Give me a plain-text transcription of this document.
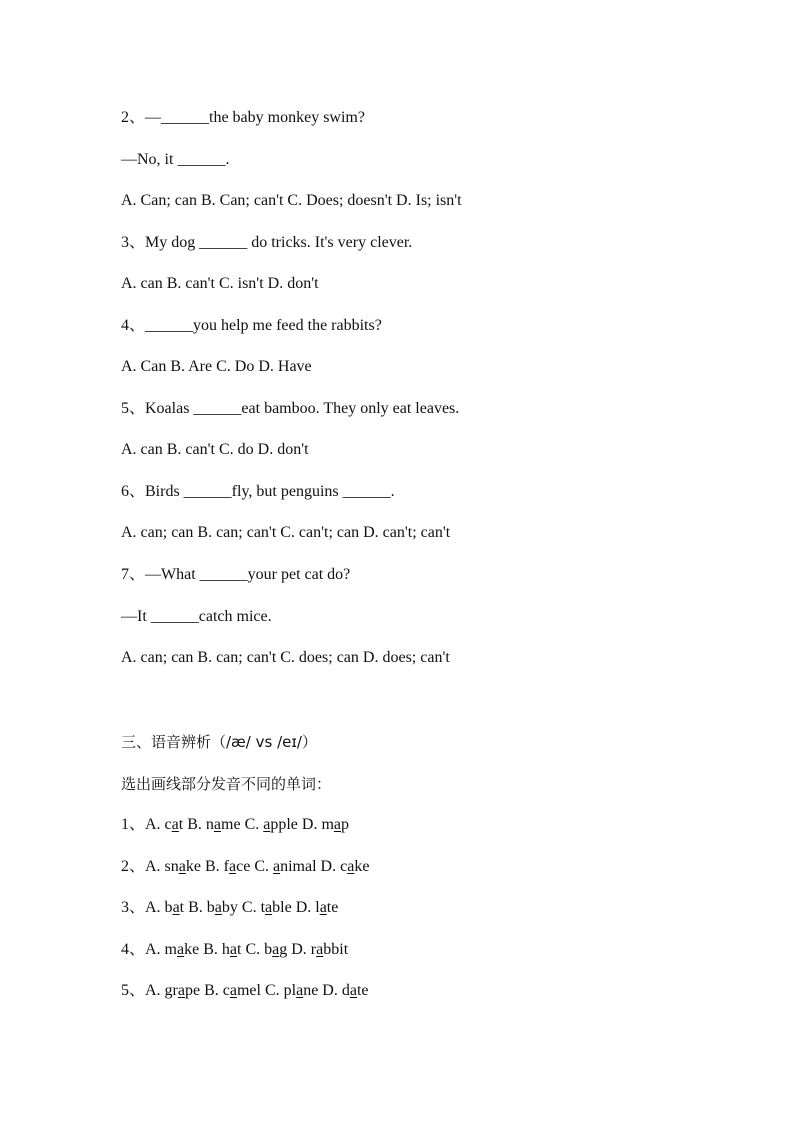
2、—______the baby monkey swim?
—No, it ______.
A. Can; can B. Can; can't C. Does; doesn't D. Is; isn't
3、My dog ______ do tricks. It's very clever.
A. can B. can't C. isn't D. don't
4、______you help me feed the rabbits?
A. Can B. Are C. Do D. Have
5、Koalas ______eat bamboo. They only eat leaves.
A. can B. can't C. do D. don't
6、Birds ______fly, but penguins ______.
A. can; can B. can; can't C. can't; can D. can't; can't
7、—What ______your pet cat do?
—It ______catch mice.
A. can; can B. can; can't C. does; can D. does; can't
三、语音辨析（/æ/ vs /eɪ/）
选出画线部分发音不同的单词：
1、A. cat B. name C. apple D. map
2、A. snake B. face C. animal D. cake
3、A. bat B. baby C. table D. late
4、A. make B. hat C. bag D. rabbit
5、A. grape B. camel C. plane D. date
